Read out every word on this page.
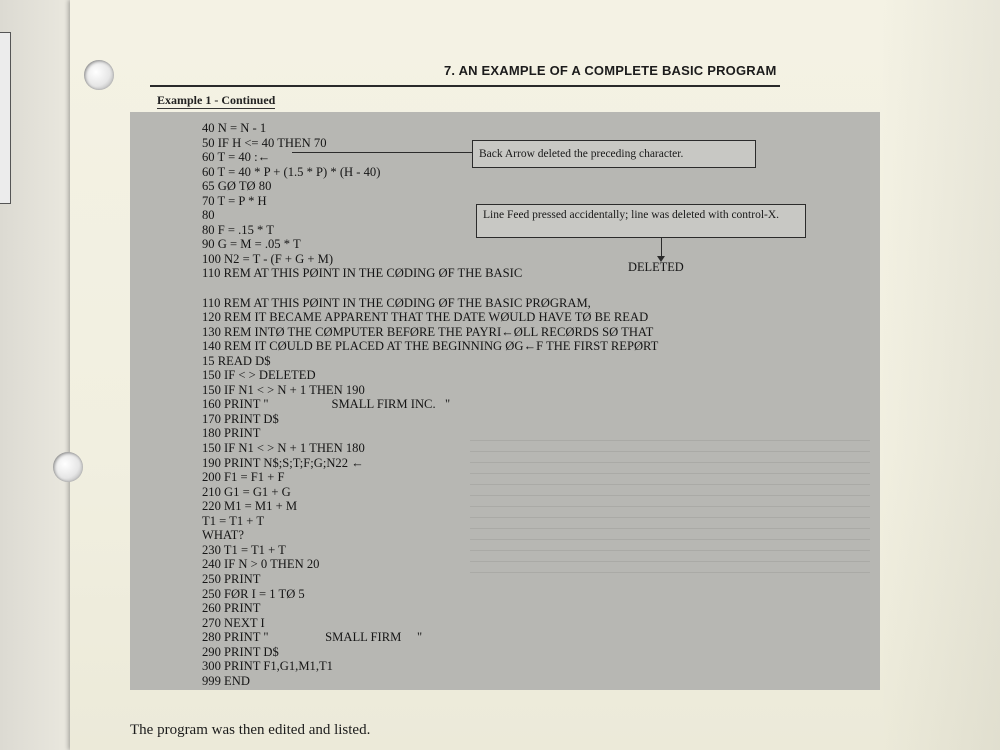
7. AN EXAMPLE OF A COMPLETE BASIC PROGRAM
Example 1 - Continued
40 N = N - 1
50 IF H <= 40 THEN 70
60 T = 40 :←
60 T = 40 * P + (1.5 * P) * (H - 40)
65 GØ TØ 80
70 T = P * H
80
80 F = .15 * T
90 G = M = .05 * T
100 N2 = T - (F + G + M)
110 REM AT THIS PØINT IN THE CØDING ØF THE BASIC
110 REM AT THIS PØINT IN THE CØDING ØF THE BASIC PRØGRAM,
120 REM IT BECAME APPARENT THAT THE DATE WØULD HAVE TØ BE READ
130 REM INTØ THE CØMPUTER BEFØRE THE PAYRI←ØLL RECØRDS SØ THAT
140 REM IT CØULD BE PLACED AT THE BEGINNING ØG←F THE FIRST REPØRT
15 READ D$
150 IF < > DELETED
150 IF N1 < > N + 1 THEN 190
160 PRINT "                    SMALL FIRM INC.   "
170 PRINT D$
180 PRINT
150 IF N1 < > N + 1 THEN 180
190 PRINT N$;S;T;F;G;N22 ←
200 F1 = F1 + F
210 G1 = G1 + G
220 M1 = M1 + M
T1 = T1 + T
WHAT?
230 T1 = T1 + T
240 IF N > 0 THEN 20
250 PRINT
250 FØR I = 1 TØ 5
260 PRINT
270 NEXT I
280 PRINT "                  SMALL FIRM     "
290 PRINT D$
300 PRINT F1,G1,M1,T1
999 END
Back Arrow deleted the preceding character.
Line Feed pressed accidentally; line was deleted with control-X.
DELETED
The program was then edited and listed.
